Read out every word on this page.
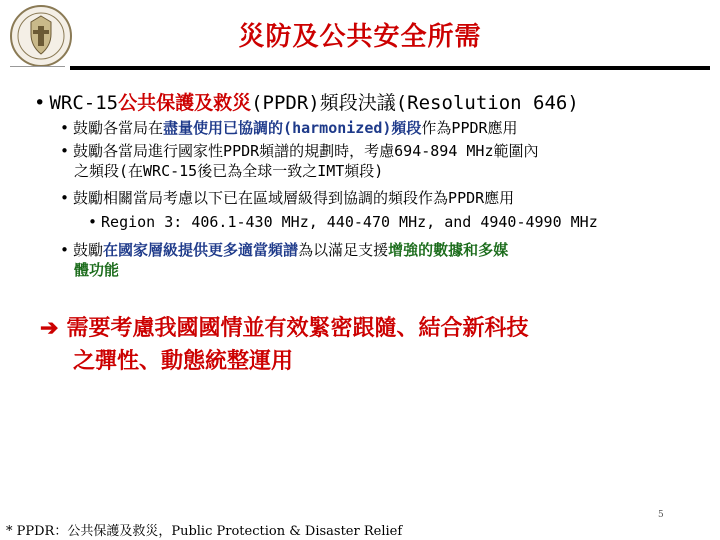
災防及公共安全所需
• WRC-15公共保護及救災(PPDR)頻段決議(Resolution 646)
• 鼓勵各當局在盡量使用已協調的(harmonized)頻段作為PPDR應用
• 鼓勵各當局進行國家性PPDR頻譜的規劃時，考慮694-894 MHz範圍內
之頻段(在WRC-15後已為全球一致之IMT頻段)
• 鼓勵相關當局考慮以下已在區域層級得到協調的頻段作為PPDR應用
• Region 3: 406.1-430 MHz, 440-470 MHz, and 4940-4990 MHz
• 鼓勵在國家層級提供更多適當頻譜為以滿足支援增強的數據和多媒
體功能
➔ 需要考慮我國國情並有效緊密跟隨、結合新科技
之彈性、動態統整運用
5
* PPDR：公共保護及救災，Public Protection & Disaster Relief
